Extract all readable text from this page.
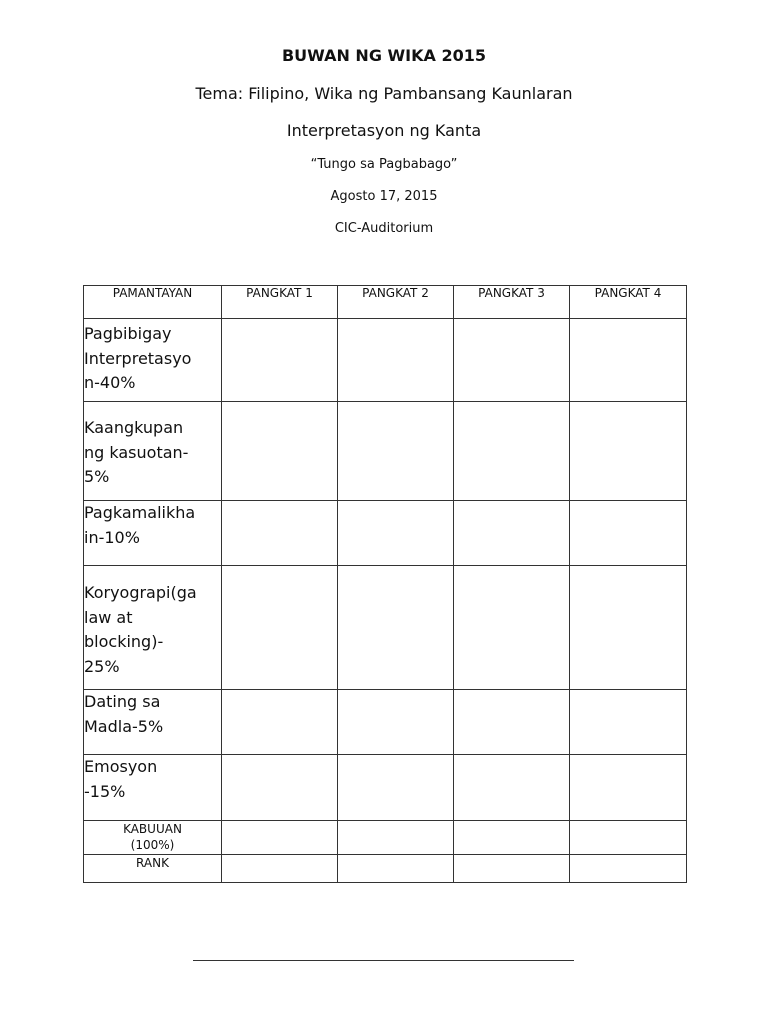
BUWAN NG WIKA 2015
Tema: Filipino, Wika ng Pambansang Kaunlaran
Interpretasyon ng Kanta
“Tungo sa Pagbabago”
Agosto 17, 2015
CIC-Auditorium
PAMANTAYAN	PANGKAT 1	PANGKAT 2	PANGKAT 3	PANGKAT 4

Pagbibigay
Interpretasyo
n-40%				

Kaangkupan
ng kasuotan-
5%				

Pagkamalikha
in-10%				

Koryograpi(ga
law at
blocking)-
25%				

Dating sa
Madla-5%				

Emosyon
-15%				

KABUUAN
(100%)				

RANK				
